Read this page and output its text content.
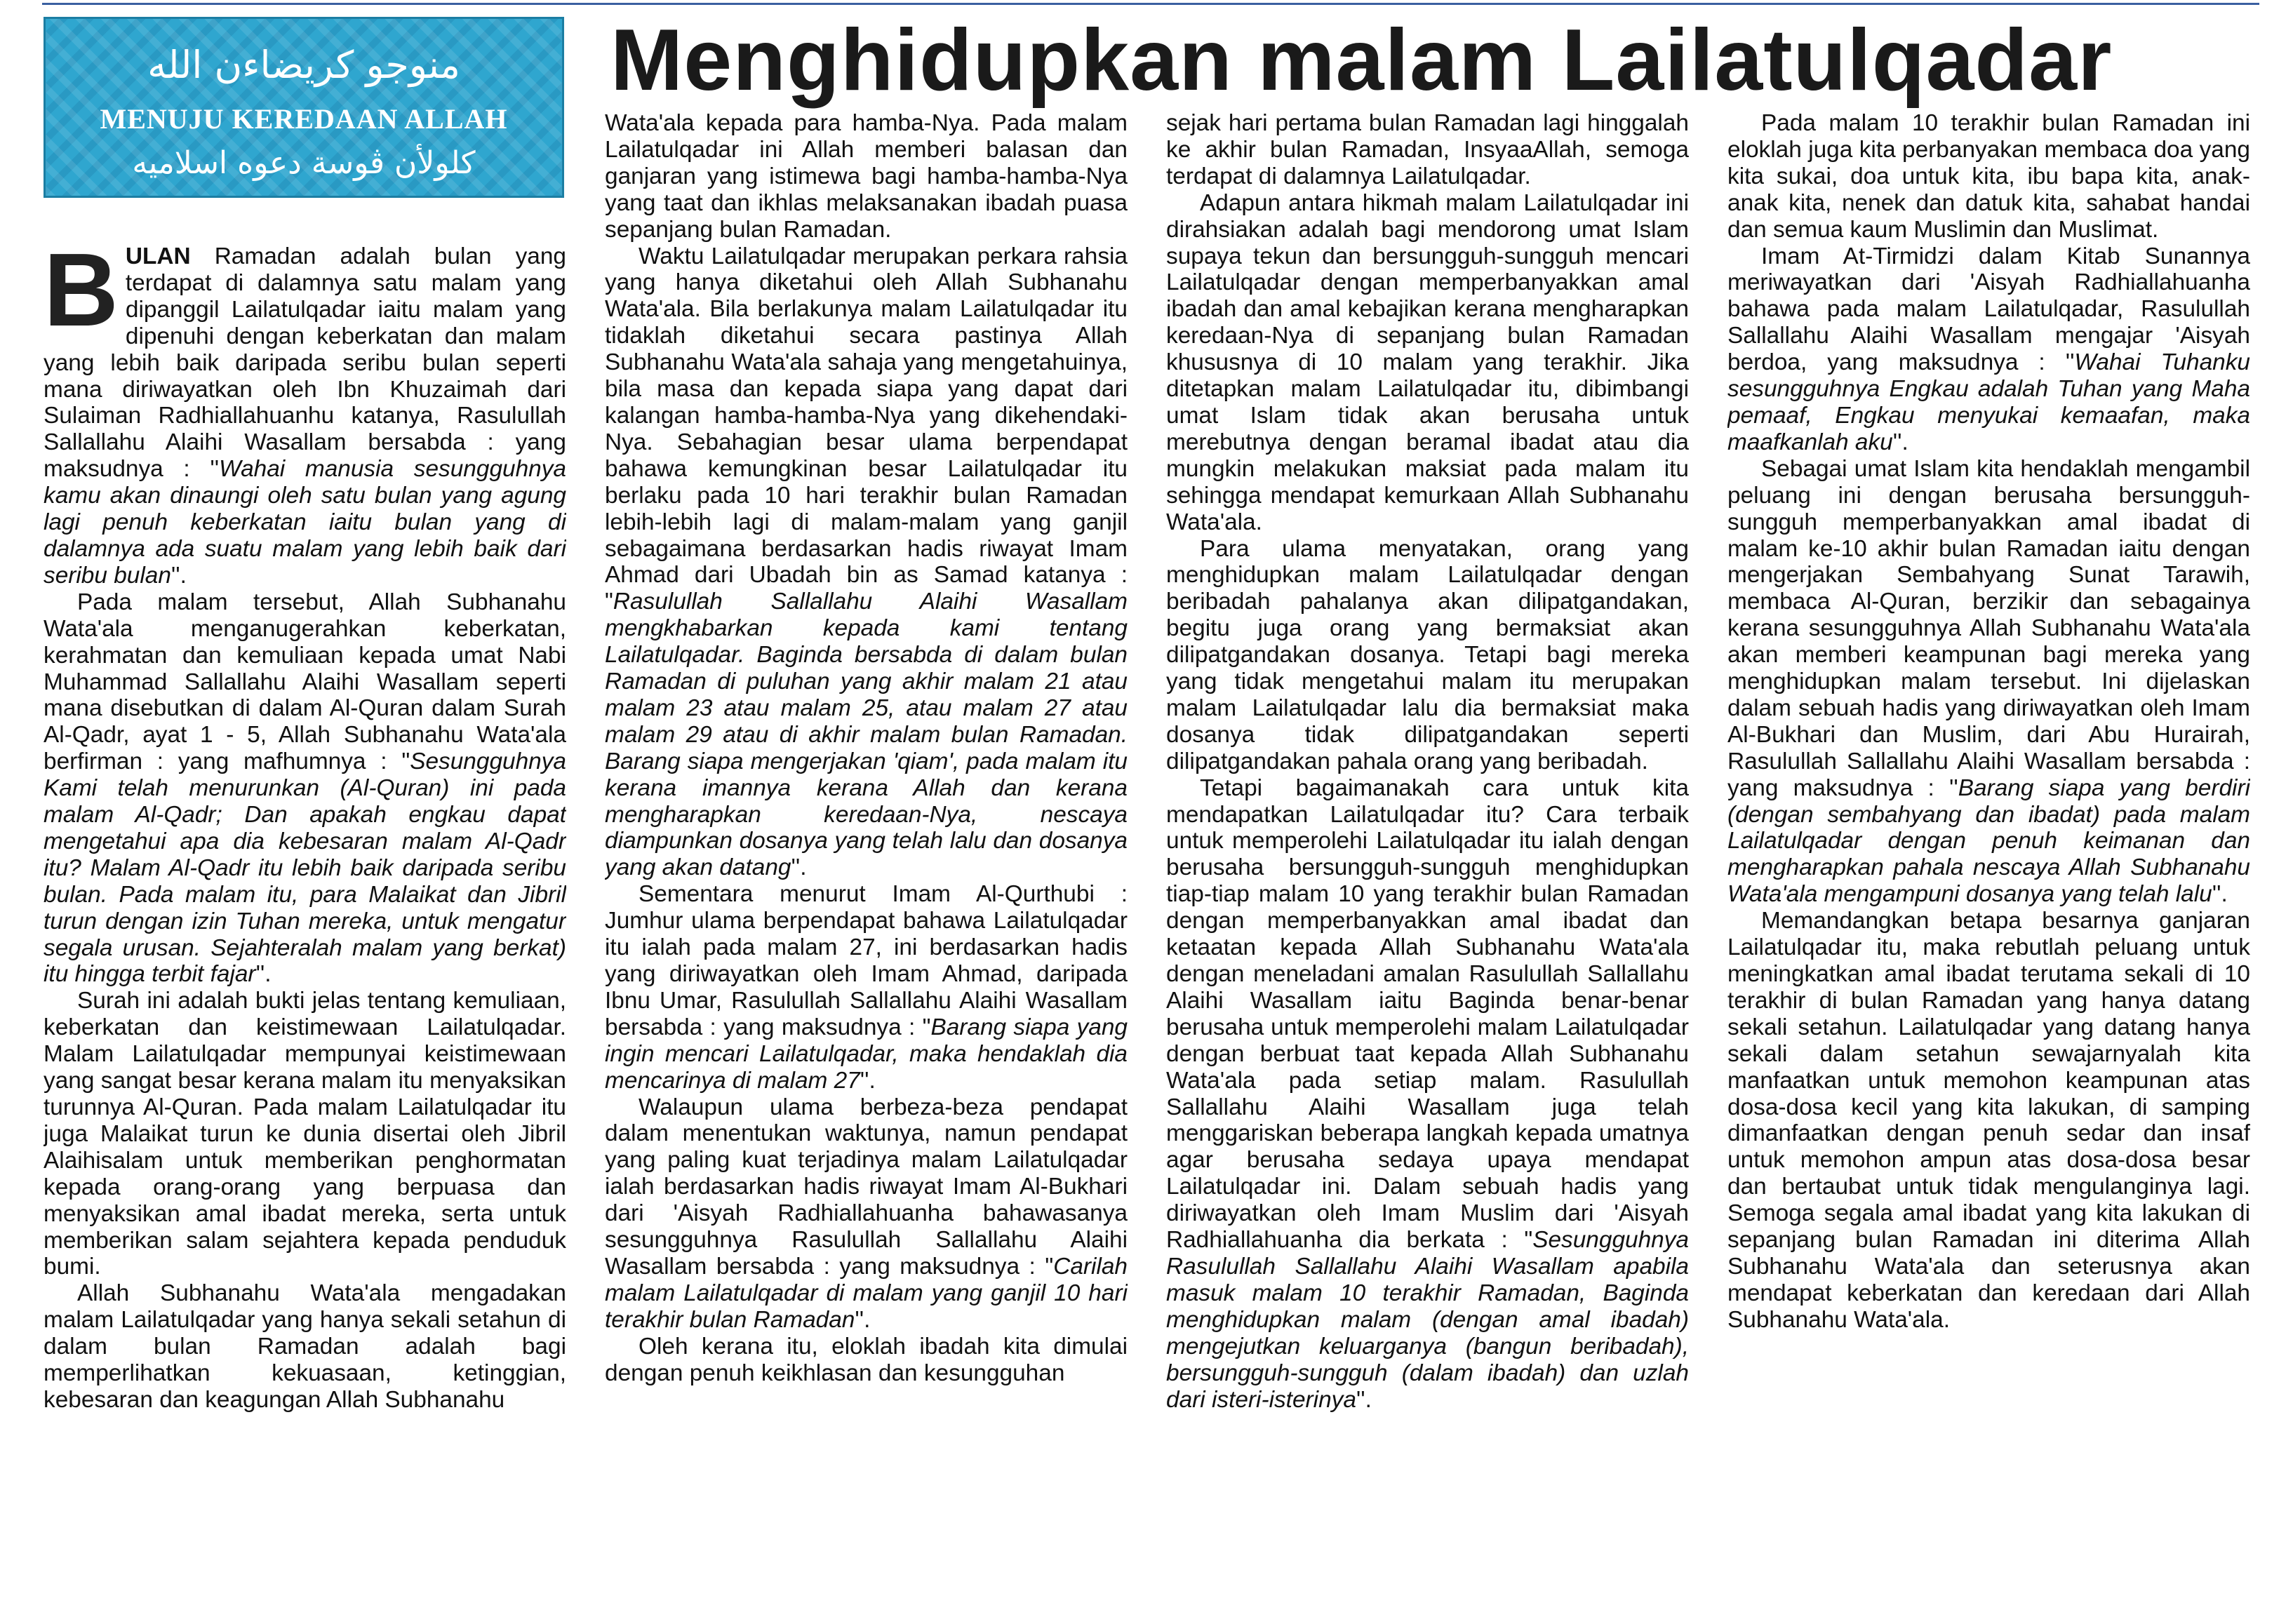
منوجو كريضاءن الله
MENUJU KEREDAAN ALLAH
كلولأن ڤوسة دعوه اسلاميه
Menghidupkan malam Lailatulqadar

BULAN Ramadan adalah bulan yang terdapat di dalamnya satu malam yang dipanggil Lailatulqadar iaitu malam yang dipenuhi dengan keberkatan dan malam yang lebih baik daripada seribu bulan seperti mana diriwayatkan oleh Ibn Khuzaimah dari Sulaiman Radhiallahuanhu katanya, Rasulullah Sallallahu Alaihi Wasallam bersabda : yang maksudnya : ''Wahai manusia sesungguhnya kamu akan dinaungi oleh satu bulan yang agung lagi penuh keberkatan iaitu bulan yang di dalamnya ada suatu malam yang lebih baik dari seribu bulan''.

Pada malam tersebut, Allah Subhanahu Wata'ala menganugerahkan keberkatan, kerahmatan dan kemuliaan kepada umat Nabi Muhammad Sallallahu Alaihi Wasallam seperti mana disebutkan di dalam Al-Quran dalam Surah Al-Qadr, ayat 1 - 5, Allah Subhanahu Wata'ala berfirman : yang mafhumnya : "Sesungguhnya Kami telah menurunkan (Al-Quran) ini pada malam Al-Qadr; Dan apakah engkau dapat mengetahui apa dia kebesaran malam Al-Qadr itu? Malam Al-Qadr itu lebih baik daripada seribu bulan. Pada malam itu, para Malaikat dan Jibril turun dengan izin Tuhan mereka, untuk mengatur segala urusan. Sejahteralah malam yang berkat) itu hingga terbit fajar''.

Surah ini adalah bukti jelas tentang kemuliaan, keberkatan dan keistimewaan Lailatulqadar. Malam Lailatulqadar mempunyai keistimewaan yang sangat besar kerana malam itu menyaksikan turunnya Al-Quran. Pada malam Lailatulqadar itu juga Malaikat turun ke dunia disertai oleh Jibril Alaihisalam untuk memberikan penghormatan kepada orang-orang yang berpuasa dan menyaksikan amal ibadat mereka, serta untuk memberikan salam sejahtera kepada penduduk bumi.

Allah Subhanahu Wata'ala mengadakan malam Lailatulqadar yang hanya sekali setahun di dalam bulan Ramadan adalah bagi memperlihatkan kekuasaan, ketinggian, kebesaran dan keagungan Allah Subhanahu

Wata'ala kepada para hamba-Nya. Pada malam Lailatulqadar ini Allah memberi balasan dan ganjaran yang istimewa bagi hamba-hamba-Nya yang taat dan ikhlas melaksanakan ibadah puasa sepanjang bulan Ramadan.

Waktu Lailatulqadar merupakan perkara rahsia yang hanya diketahui oleh Allah Subhanahu Wata'ala. Bila berlakunya malam Lailatulqadar itu tidaklah diketahui secara pastinya Allah Subhanahu Wata'ala sahaja yang mengetahuinya, bila masa dan kepada siapa yang dapat dari kalangan hamba-hamba-Nya yang dikehendaki-Nya. Sebahagian besar ulama berpendapat bahawa kemungkinan besar Lailatulqadar itu berlaku pada 10 hari terakhir bulan Ramadan lebih-lebih lagi di malam-malam yang ganjil sebagaimana berdasarkan hadis riwayat Imam Ahmad dari Ubadah bin as Samad katanya : "Rasulullah Sallallahu Alaihi Wasallam mengkhabarkan kepada kami tentang Lailatulqadar. Baginda bersabda di dalam bulan Ramadan di puluhan yang akhir malam 21 atau malam 23 atau malam 25, atau malam 27 atau malam 29 atau di akhir malam bulan Ramadan. Barang siapa mengerjakan 'qiam', pada malam itu kerana imannya kerana Allah dan kerana mengharapkan keredaan-Nya, nescaya diampunkan dosanya yang telah lalu dan dosanya yang akan datang''.

Sementara menurut Imam Al-Qurthubi : Jumhur ulama berpendapat bahawa Lailatulqadar itu ialah pada malam 27, ini berdasarkan hadis yang diriwayatkan oleh Imam Ahmad, daripada Ibnu Umar, Rasulullah Sallallahu Alaihi Wasallam bersabda : yang maksudnya : "Barang siapa yang ingin mencari Lailatulqadar, maka hendaklah dia mencarinya di malam 27''.

Walaupun ulama berbeza-beza pendapat dalam menentukan waktunya, namun pendapat yang paling kuat terjadinya malam Lailatulqadar ialah berdasarkan hadis riwayat Imam Al-Bukhari dari 'Aisyah Radhiallahuanha bahawasanya sesungguhnya Rasulullah Sallallahu Alaihi Wasallam bersabda : yang maksudnya : "Carilah malam Lailatulqadar di malam yang ganjil 10 hari terakhir bulan Ramadan''.

Oleh kerana itu, eloklah ibadah kita dimulai dengan penuh keikhlasan dan kesungguhan

sejak hari pertama bulan Ramadan lagi hinggalah ke akhir bulan Ramadan, InsyaaAllah, semoga terdapat di dalamnya Lailatulqadar.

Adapun antara hikmah malam Lailatulqadar ini dirahsiakan adalah bagi mendorong umat Islam supaya tekun dan bersungguh-sungguh mencari Lailatulqadar dengan memperbanyakkan amal ibadah dan amal kebajikan kerana mengharapkan keredaan-Nya di sepanjang bulan Ramadan khususnya di 10 malam yang terakhir. Jika ditetapkan malam Lailatulqadar itu, dibimbangi umat Islam tidak akan berusaha untuk merebutnya dengan beramal ibadat atau dia mungkin melakukan maksiat pada malam itu sehingga mendapat kemurkaan Allah Subhanahu Wata'ala.

Para ulama menyatakan, orang yang menghidupkan malam Lailatulqadar dengan beribadah pahalanya akan dilipatgandakan, begitu juga orang yang bermaksiat akan dilipatgandakan dosanya. Tetapi bagi mereka yang tidak mengetahui malam itu merupakan malam Lailatulqadar lalu dia bermaksiat maka dosanya tidak dilipatgandakan seperti dilipatgandakan pahala orang yang beribadah.

Tetapi bagaimanakah cara untuk kita mendapatkan Lailatulqadar itu? Cara terbaik untuk memperolehi Lailatulqadar itu ialah dengan berusaha bersungguh-sungguh menghidupkan tiap-tiap malam 10 yang terakhir bulan Ramadan dengan memperbanyakkan amal ibadat dan ketaatan kepada Allah Subhanahu Wata'ala dengan meneladani amalan Rasulullah Sallallahu Alaihi Wasallam iaitu Baginda benar-benar berusaha untuk memperolehi malam Lailatulqadar dengan berbuat taat kepada Allah Subhanahu Wata'ala pada setiap malam. Rasulullah Sallallahu Alaihi Wasallam juga telah menggariskan beberapa langkah kepada umatnya agar berusaha sedaya upaya mendapat Lailatulqadar ini. Dalam sebuah hadis yang diriwayatkan oleh Imam Muslim dari 'Aisyah Radhiallahuanha dia berkata : "Sesungguhnya Rasulullah Sallallahu Alaihi Wasallam apabila masuk malam 10 terakhir Ramadan, Baginda menghidupkan malam (dengan amal ibadah) mengejutkan keluarganya (bangun beribadah), bersungguh-sungguh (dalam ibadah) dan uzlah dari isteri-isterinya''.

Pada malam 10 terakhir bulan Ramadan ini eloklah juga kita perbanyakan membaca doa yang kita sukai, doa untuk kita, ibu bapa kita, anak-anak kita, nenek dan datuk kita, sahabat handai dan semua kaum Muslimin dan Muslimat.

Imam At-Tirmidzi dalam Kitab Sunannya meriwayatkan dari 'Aisyah Radhiallahuanha bahawa pada malam Lailatulqadar, Rasulullah Sallallahu Alaihi Wasallam mengajar 'Aisyah berdoa, yang maksudnya : ''Wahai Tuhanku sesungguhnya Engkau adalah Tuhan yang Maha pemaaf, Engkau menyukai kemaafan, maka maafkanlah aku''.

Sebagai umat Islam kita hendaklah mengambil peluang ini dengan berusaha bersungguh-sungguh memperbanyakkan amal ibadat di malam ke-10 akhir bulan Ramadan iaitu dengan mengerjakan Sembahyang Sunat Tarawih, membaca Al-Quran, berzikir dan sebagainya kerana sesungguhnya Allah Subhanahu Wata'ala akan memberi keampunan bagi mereka yang menghidupkan malam tersebut. Ini dijelaskan dalam sebuah hadis yang diriwayatkan oleh Imam Al-Bukhari dan Muslim, dari Abu Hurairah, Rasulullah Sallallahu Alaihi Wasallam bersabda : yang maksudnya : ''Barang siapa yang berdiri (dengan sembahyang dan ibadat) pada malam Lailatulqadar dengan penuh keimanan dan mengharapkan pahala nescaya Allah Subhanahu Wata'ala mengampuni dosanya yang telah lalu''.

Memandangkan betapa besarnya ganjaran Lailatulqadar itu, maka rebutlah peluang untuk meningkatkan amal ibadat terutama sekali di 10 terakhir di bulan Ramadan yang hanya datang sekali setahun. Lailatulqadar yang datang hanya sekali dalam setahun sewajarnyalah kita manfaatkan untuk memohon keampunan atas dosa-dosa kecil yang kita lakukan, di samping dimanfaatkan dengan penuh sedar dan insaf untuk memohon ampun atas dosa-dosa besar dan bertaubat untuk tidak mengulanginya lagi. Semoga segala amal ibadat yang kita lakukan di sepanjang bulan Ramadan ini diterima Allah Subhanahu Wata'ala dan seterusnya akan mendapat keberkatan dan keredaan dari Allah Subhanahu Wata'ala.
